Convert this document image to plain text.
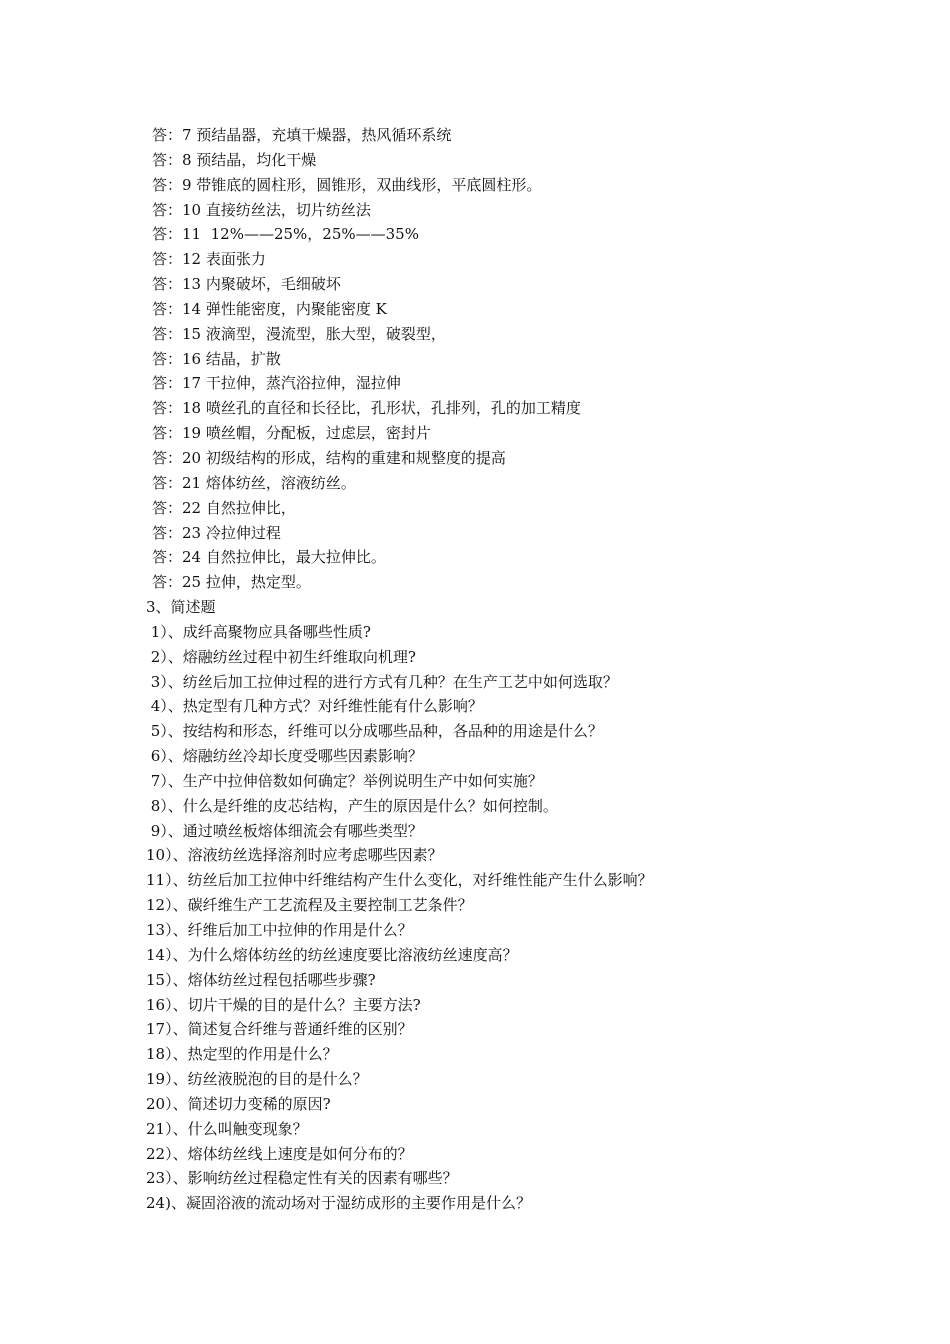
答：7 预结晶器，充填干燥器，热风循环系统
答：8 预结晶，均化干燥
答：9 带锥底的圆柱形，圆锥形，双曲线形，平底圆柱形。
答：10 直接纺丝法，切片纺丝法
答：11  12%——25%，25%——35%
答：12 表面张力
答：13 内聚破坏，毛细破坏
答：14 弹性能密度，内聚能密度 K
答：15 液滴型，漫流型，胀大型，破裂型，
答：16 结晶，扩散
答：17 干拉伸，蒸汽浴拉伸，湿拉伸
答：18 喷丝孔的直径和长径比，孔形状，孔排列，孔的加工精度
答：19 喷丝帽，分配板，过虑层，密封片
答：20 初级结构的形成，结构的重建和规整度的提高
答：21 熔体纺丝，溶液纺丝。
答：22 自然拉伸比，
答：23 冷拉伸过程
答：24 自然拉伸比，最大拉伸比。
答：25 拉伸，热定型。
3、简述题
1）、成纤高聚物应具备哪些性质?
2）、熔融纺丝过程中初生纤维取向机理?
3）、纺丝后加工拉伸过程的进行方式有几种？在生产工艺中如何选取？
4）、热定型有几种方式？对纤维性能有什么影响？
5）、按结构和形态，纤维可以分成哪些品种，各品种的用途是什么？
6）、熔融纺丝冷却长度受哪些因素影响？
7）、生产中拉伸倍数如何确定？举例说明生产中如何实施？
8）、什么是纤维的皮芯结构，产生的原因是什么？如何控制。
9）、通过喷丝板熔体细流会有哪些类型？
10）、溶液纺丝选择溶剂时应考虑哪些因素？
11）、纺丝后加工拉伸中纤维结构产生什么变化，对纤维性能产生什么影响？
12）、碳纤维生产工艺流程及主要控制工艺条件？
13）、纤维后加工中拉伸的作用是什么？
14）、为什么熔体纺丝的纺丝速度要比溶液纺丝速度高？
15）、熔体纺丝过程包括哪些步骤?
16）、切片干燥的目的是什么？主要方法?
17）、简述复合纤维与普通纤维的区别？
18）、热定型的作用是什么？
19）、纺丝液脱泡的目的是什么？
20）、简述切力变稀的原因?
21）、什么叫触变现象？
22）、熔体纺丝线上速度是如何分布的？
23）、影响纺丝过程稳定性有关的因素有哪些？
24)、凝固浴液的流动场对于湿纺成形的主要作用是什么？
